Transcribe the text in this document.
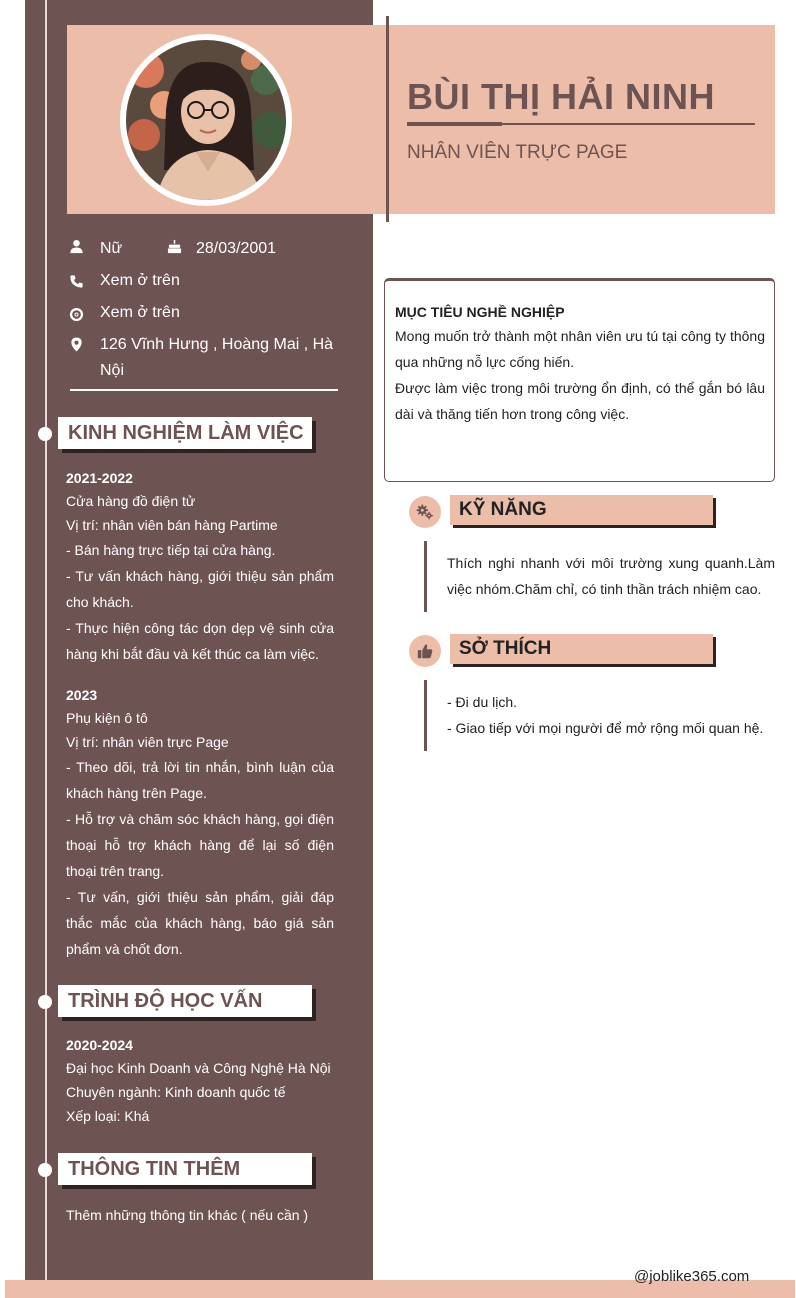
BÙI THỊ HẢI NINH
NHÂN VIÊN TRỰC PAGE
Nữ	28/03/2001
Xem ở trên
Xem ở trên
126 Vĩnh Hưng , Hoàng Mai , Hà Nội
KINH NGHIỆM LÀM VIỆC
2021-2022
Cửa hàng đồ điện tử
Vị trí: nhân viên bán hàng Partime

- Bán hàng trực tiếp tại cửa hàng.

- Tư vấn khách hàng, giới thiệu sản phẩm cho khách.

- Thực hiện công tác dọn dẹp vệ sinh cửa hàng khi bắt đầu và kết thúc ca làm việc.

2023
Phụ kiện ô tô
Vị trí: nhân viên trực Page

- Theo dõi, trả lời tin nhắn, bình luận của khách hàng trên Page.

- Hỗ trợ và chăm sóc khách hàng, gọi điện thoại hỗ trợ khách hàng để lại số điện thoại trên trang.

- Tư vấn, giới thiệu sản phẩm, giải đáp thắc mắc của khách hàng, báo giá sản phẩm và chốt đơn.

TRÌNH ĐỘ HỌC VẤN
2020-2024
Đại học Kinh Doanh và Công Nghệ Hà Nội
Chuyên ngành: Kinh doanh quốc tế
Xếp loại: Khá
THÔNG TIN THÊM
Thêm những thông tin khác ( nếu cần )
MỤC TIÊU NGHỀ NGHIỆP

Mong muốn trở thành một nhân viên ưu tú tại công ty thông qua những nỗ lực cống hiến.

Được làm việc trong môi trường ổn định, có thể gắn bó lâu dài và thăng tiến hơn trong công việc.

KỸ NĂNG

Thích nghi nhanh với môi trường xung quanh.Làm việc nhóm.Chăm chỉ, có tinh thần trách nhiệm cao.

SỞ THÍCH
- Đi du lịch.
- Giao tiếp với mọi người để mở rộng mối quan hệ.
@joblike365.com
